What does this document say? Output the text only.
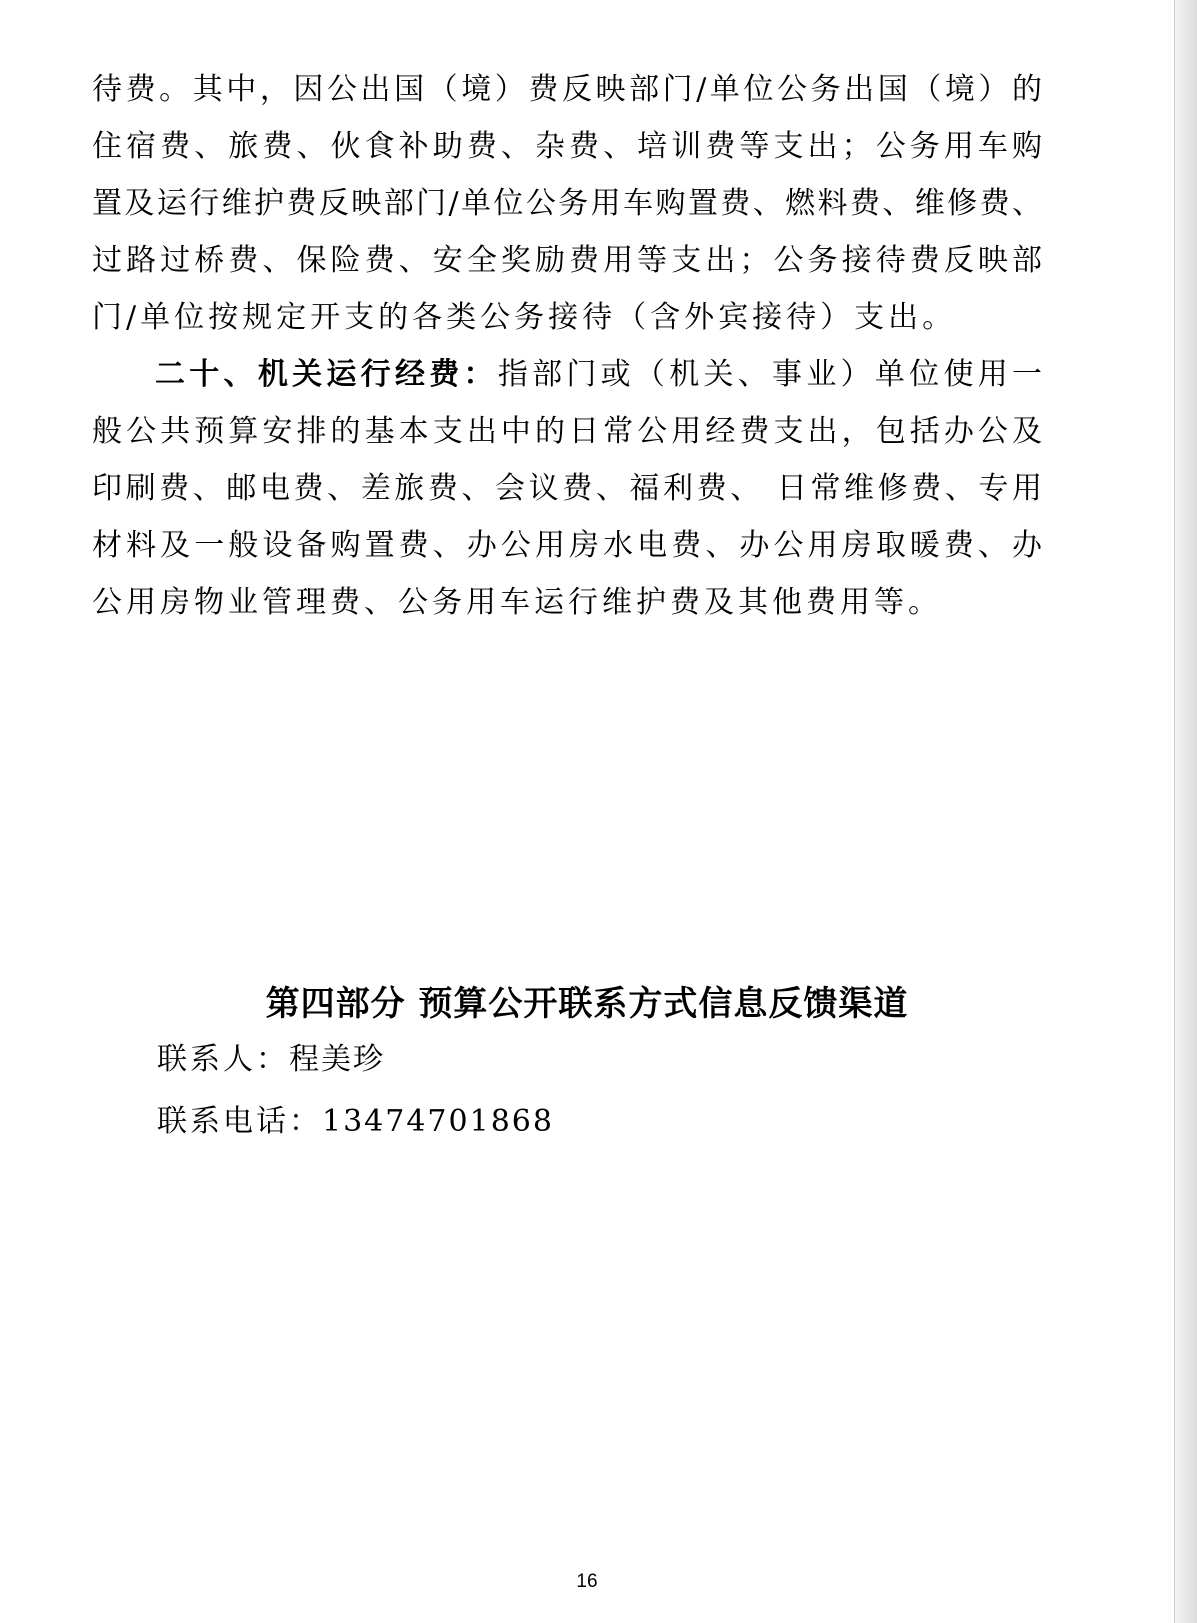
待费。其中，因公出国（境）费反映部门/单位公务出国（境）的
住宿费、旅费、伙食补助费、杂费、培训费等支出；公务用车购
置及运行维护费反映部门/单位公务用车购置费、燃料费、维修费、
过路过桥费、保险费、安全奖励费用等支出；公务接待费反映部
门/单位按规定开支的各类公务接待（含外宾接待）支出。
二十、机关运行经费：指部门或（机关、事业）单位使用一
般公共预算安排的基本支出中的日常公用经费支出，包括办公及
印刷费、邮电费、差旅费、会议费、福利费、 日常维修费、专用
材料及一般设备购置费、办公用房水电费、办公用房取暖费、办
公用房物业管理费、公务用车运行维护费及其他费用等。
第四部分 预算公开联系方式信息反馈渠道
联系人：程美珍
联系电话：13474701868
16
